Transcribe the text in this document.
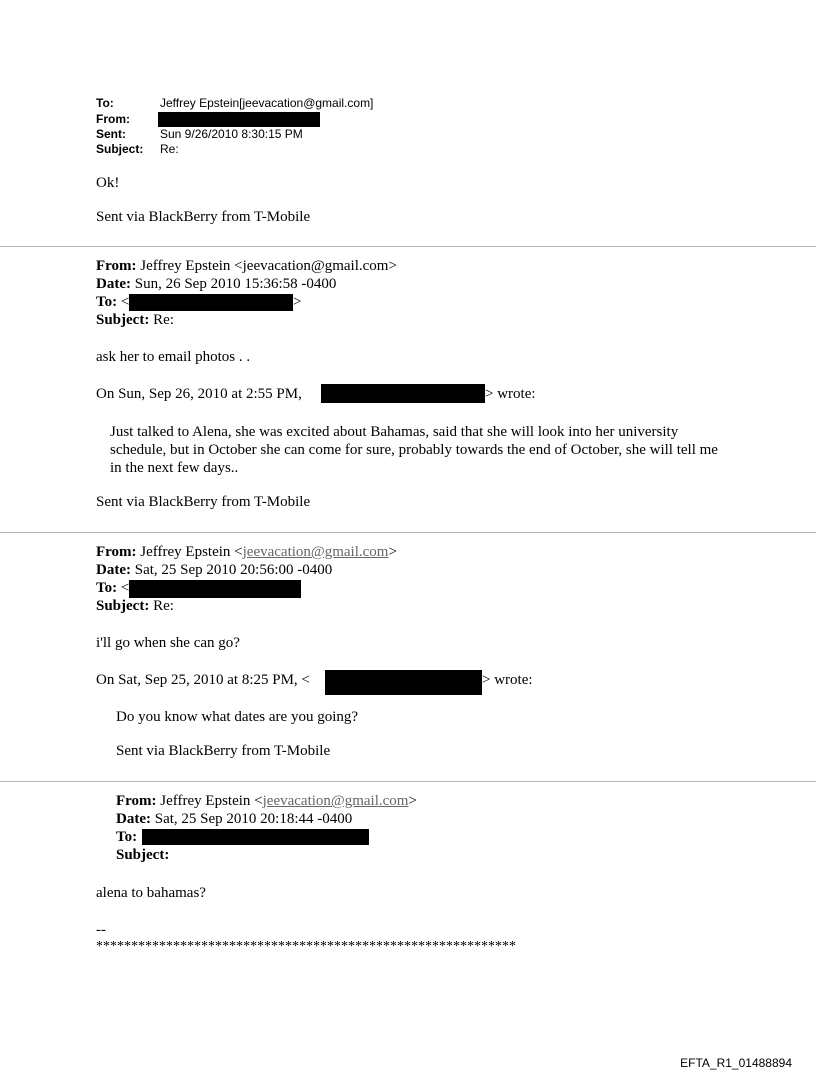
To:	Jeffrey Epstein[jeevacation@gmail.com]
From:
Sent:	Sun 9/26/2010 8:30:15 PM
Subject: Re:
Ok!
Sent via BlackBerry from T-Mobile
From: Jeffrey Epstein <jeevacation@gmail.com>
Date: Sun, 26 Sep 2010 15:36:58 -0400
To: <	>
Subject: Re:
ask her to email photos . .
On Sun, Sep 26, 2010 at 2:55 PM,	> wrote:
Just talked to Alena, she was excited about Bahamas, said that she will look into her university schedule, but in October she can come for sure, probably towards the end of October, she will tell me in the next few days..
Sent via BlackBerry from T-Mobile
From: Jeffrey Epstein <jeevacation@gmail.com>
Date: Sat, 25 Sep 2010 20:56:00 -0400
To: <
Subject: Re:
i'll go when she can go?
On Sat, Sep 25, 2010 at 8:25 PM, <	> wrote:
Do you know what dates are you going?
Sent via BlackBerry from T-Mobile
From: Jeffrey Epstein <jeevacation@gmail.com>
Date: Sat, 25 Sep 2010 20:18:44 -0400
To:
Subject:
alena to bahamas?
--
************************************************************
EFTA_R1_01488894
